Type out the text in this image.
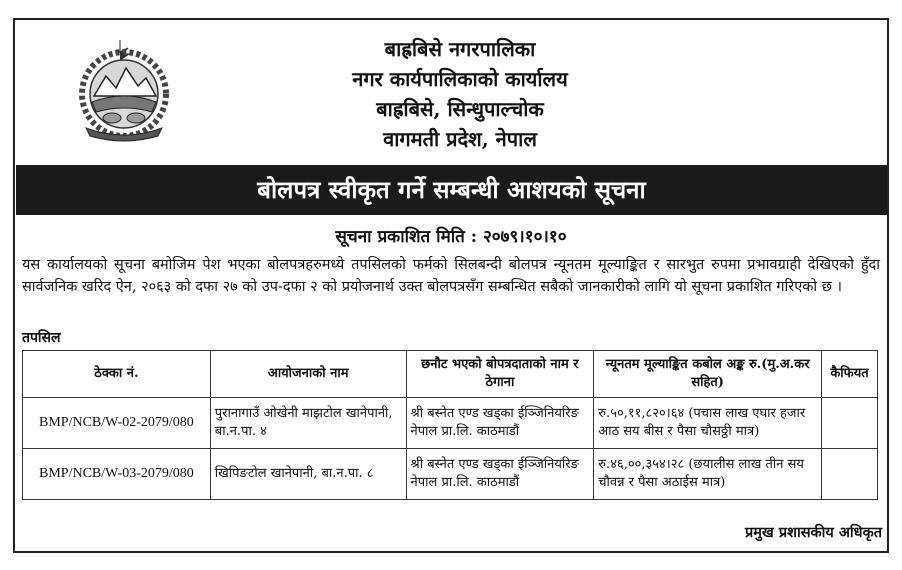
बाह्रबिसे नगरपालिका
नगर कार्यपालिकाको कार्यालय
बाह्रबिसे, सिन्धुपाल्चोक
वागमती प्रदेश, नेपाल
बोलपत्र स्वीकृत गर्ने सम्बन्धी आशयको सूचना
सूचना प्रकाशित मिति : २०७९।१०।१०
यस कार्यालयको सूचना बमोजिम पेश भएका बोलपत्रहरुमध्ये तपसिलको फर्मको सिलबन्दी बोलपत्र न्यूनतम मूल्याङ्कित र सारभुत रुपमा प्रभावग्राही देखिएको हुँदा सार्वजनिक खरिद ऐन, २०६३ को दफा २७ को उप-दफा २ को प्रयोजनार्थ उक्त बोलपत्रसँग सम्बन्धित सबैको जानकारीको लागि यो सूचना प्रकाशित गरिएको छ ।
तपसिल
ठेक्का नं.	आयोजनाको नाम	छनौट भएको बोपत्रदाताको नाम र ठेगाना	न्यूनतम मूल्याङ्कित कबोल अङ्क रु.(मु.अ.कर सहित)	कैफियत
BMP/NCB/W-02-2079/080	पुरानागाउँ ओखेनी माझटोल खानेपानी, बा.न.पा. ४	श्री बस्नेत एण्ड खड्का ईञ्जिनियरिङ नेपाल प्रा.लि. काठमाडौं	रु.५०,११,८२०।६४ (पचास लाख एघार हजार आठ सय बीस र पैसा चौसठ्ठी मात्र)	
BMP/NCB/W-03-2079/080	खिपिङटोल खानेपानी, बा.न.पा. ८	श्री बस्नेत एण्ड खड्का ईञ्जिनियरिङ नेपाल प्रा.लि. काठमाडौं	रु.४६,००,३५४।२८ (छयालीस लाख तीन सय चौवन्न र पैसा अठाईस मात्र)	
प्रमुख प्रशासकीय अधिकृत
